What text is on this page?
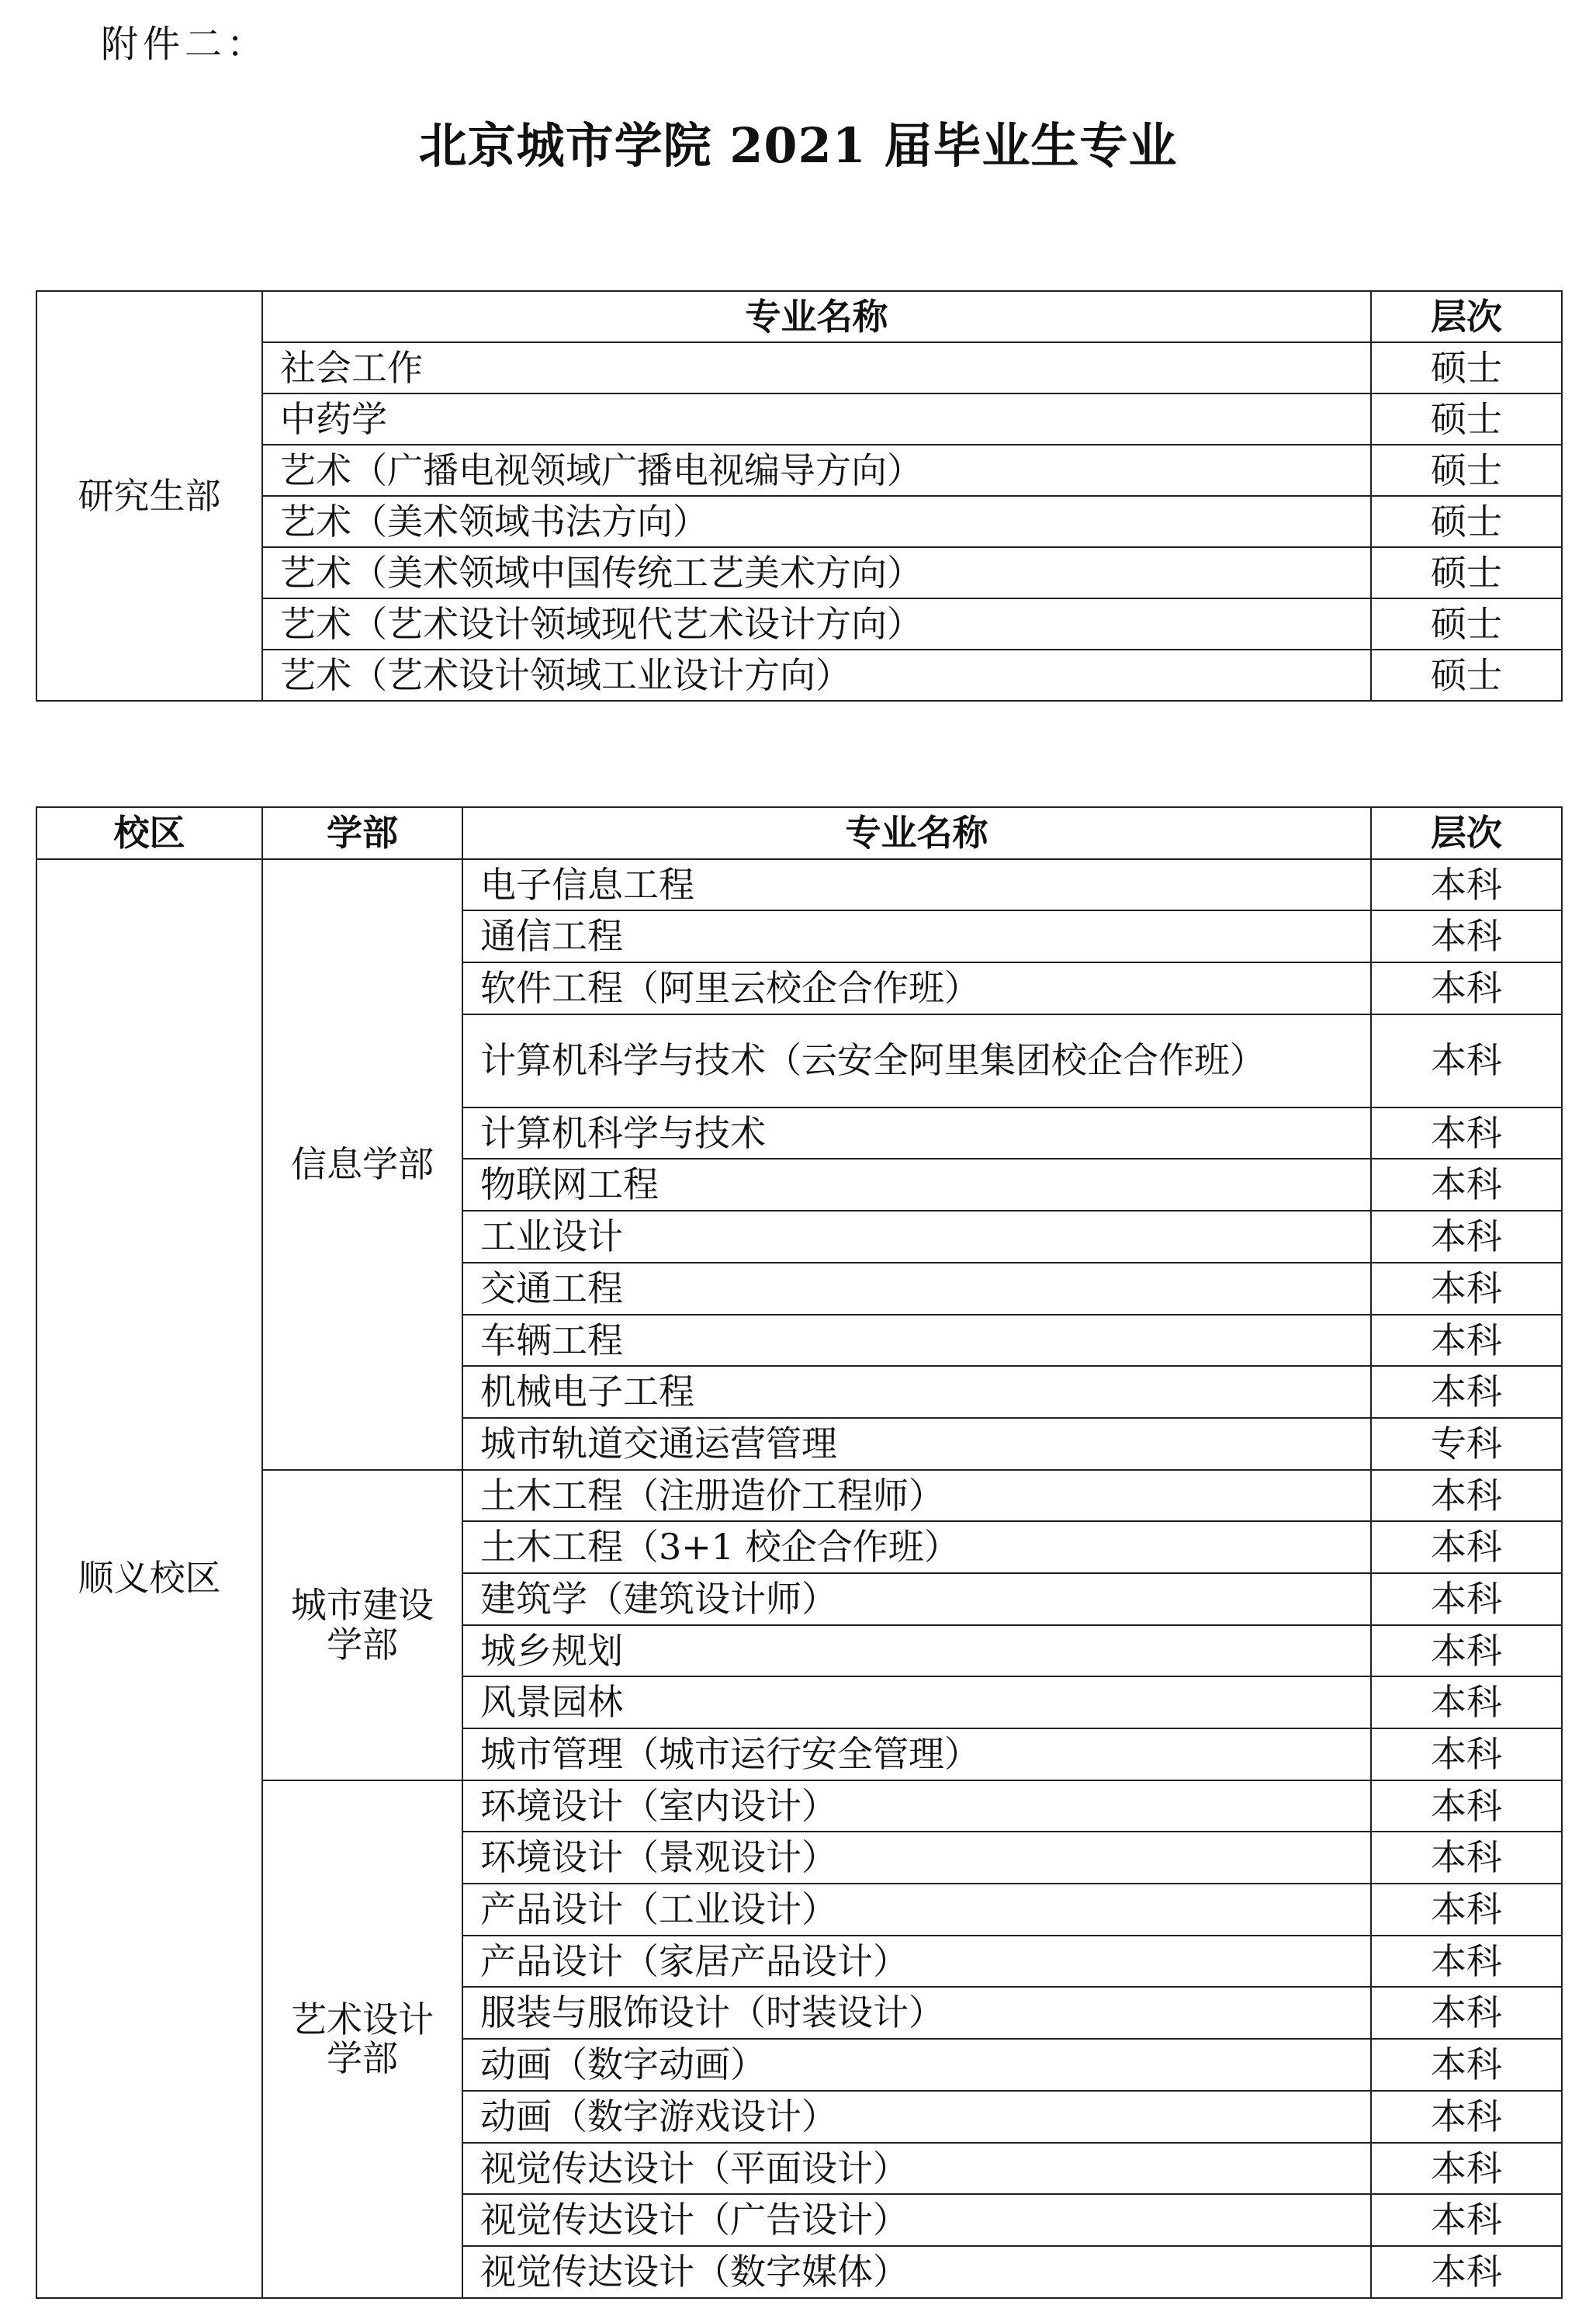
附件二：
北京城市学院 2021 届毕业生专业
研究生部	专业名称	层次
	社会工作	硕士
	中药学	硕士
	艺术（广播电视领域广播电视编导方向）	硕士
	艺术（美术领域书法方向）	硕士
	艺术（美术领域中国传统工艺美术方向）	硕士
	艺术（艺术设计领域现代艺术设计方向）	硕士
	艺术（艺术设计领域工业设计方向）	硕士
校区	学部	专业名称	层次
顺义校区	信息学部	电子信息工程	本科
		通信工程	本科
		软件工程（阿里云校企合作班）	本科
		计算机科学与技术（云安全阿里集团校企合作班）	本科
		计算机科学与技术	本科
		物联网工程	本科
		工业设计	本科
		交通工程	本科
		车辆工程	本科
		机械电子工程	本科
		城市轨道交通运营管理	专科
	城市建设学部	土木工程（注册造价工程师）	本科
		土木工程（3+1 校企合作班）	本科
		建筑学（建筑设计师）	本科
		城乡规划	本科
		风景园林	本科
		城市管理（城市运行安全管理）	本科
	艺术设计学部	环境设计（室内设计）	本科
		环境设计（景观设计）	本科
		产品设计（工业设计）	本科
		产品设计（家居产品设计）	本科
		服装与服饰设计（时装设计）	本科
		动画（数字动画）	本科
		动画（数字游戏设计）	本科
		视觉传达设计（平面设计）	本科
		视觉传达设计（广告设计）	本科
		视觉传达设计（数字媒体）	本科
